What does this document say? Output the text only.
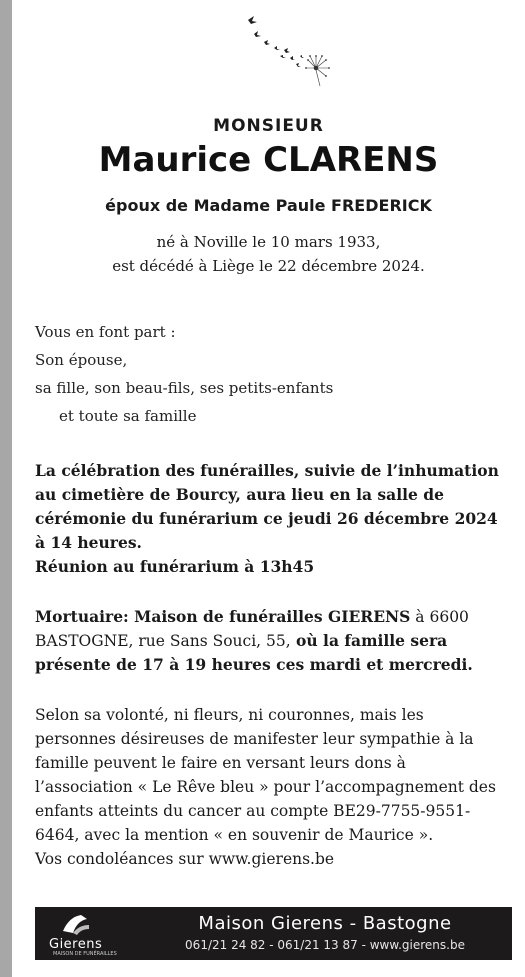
MONSIEUR
Maurice CLARENS
époux de Madame Paule FREDERICK
né à Noville le 10 mars 1933,
est décédé à Liège le 22 décembre 2024.
Vous en font part :
Son épouse,
sa fille, son beau-fils, ses petits-enfants
et toute sa famille
La célébration des funérailles, suivie de l’inhumation au cimetière de Bourcy, aura lieu en la salle de cérémonie du funérarium ce jeudi 26 décembre 2024 à 14 heures.
Réunion au funérarium à 13h45
Mortuaire: Maison de funérailles GIERENS à 6600 BASTOGNE, rue Sans Souci, 55, où la famille sera présente de 17 à 19 heures ces mardi et mercredi.
Selon sa volonté, ni fleurs, ni couronnes, mais les personnes désireuses de manifester leur sympathie à la famille peuvent le faire en versant leurs dons à l’association « Le Rêve bleu » pour l’accompagnement des enfants atteints du cancer au compte BE29-7755-9551-6464, avec la mention « en souvenir de Maurice ».
Vos condoléances sur www.gierens.be
Gierens
MAISON DE FUNÉRAILLES
Maison Gierens - Bastogne
061/21 24 82 - 061/21 13 87 - www.gierens.be
